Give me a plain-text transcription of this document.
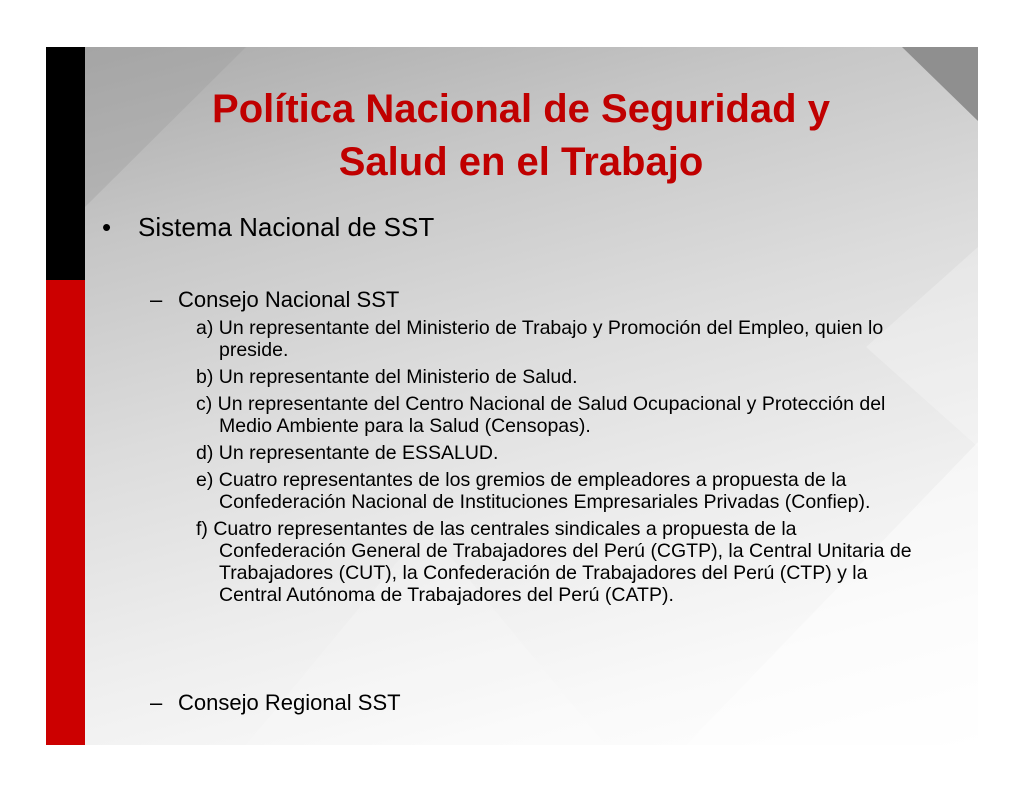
Política Nacional de Seguridad y
Salud en el Trabajo
• Sistema Nacional de SST
– Consejo Nacional SST
a) Un representante del Ministerio de Trabajo y Promoción del Empleo, quien lo preside.
b) Un representante del Ministerio de Salud.
c) Un representante del Centro Nacional de Salud Ocupacional y Protección del Medio Ambiente para la Salud (Censopas).
d) Un representante de ESSALUD.
e) Cuatro representantes de los gremios de empleadores a propuesta de la Confederación Nacional de Instituciones Empresariales Privadas (Confiep).
f) Cuatro representantes de las centrales sindicales a propuesta de la Confederación General de Trabajadores del Perú (CGTP), la Central Unitaria de Trabajadores (CUT), la Confederación de Trabajadores del Perú (CTP) y la Central Autónoma de Trabajadores del Perú (CATP).
– Consejo Regional SST
